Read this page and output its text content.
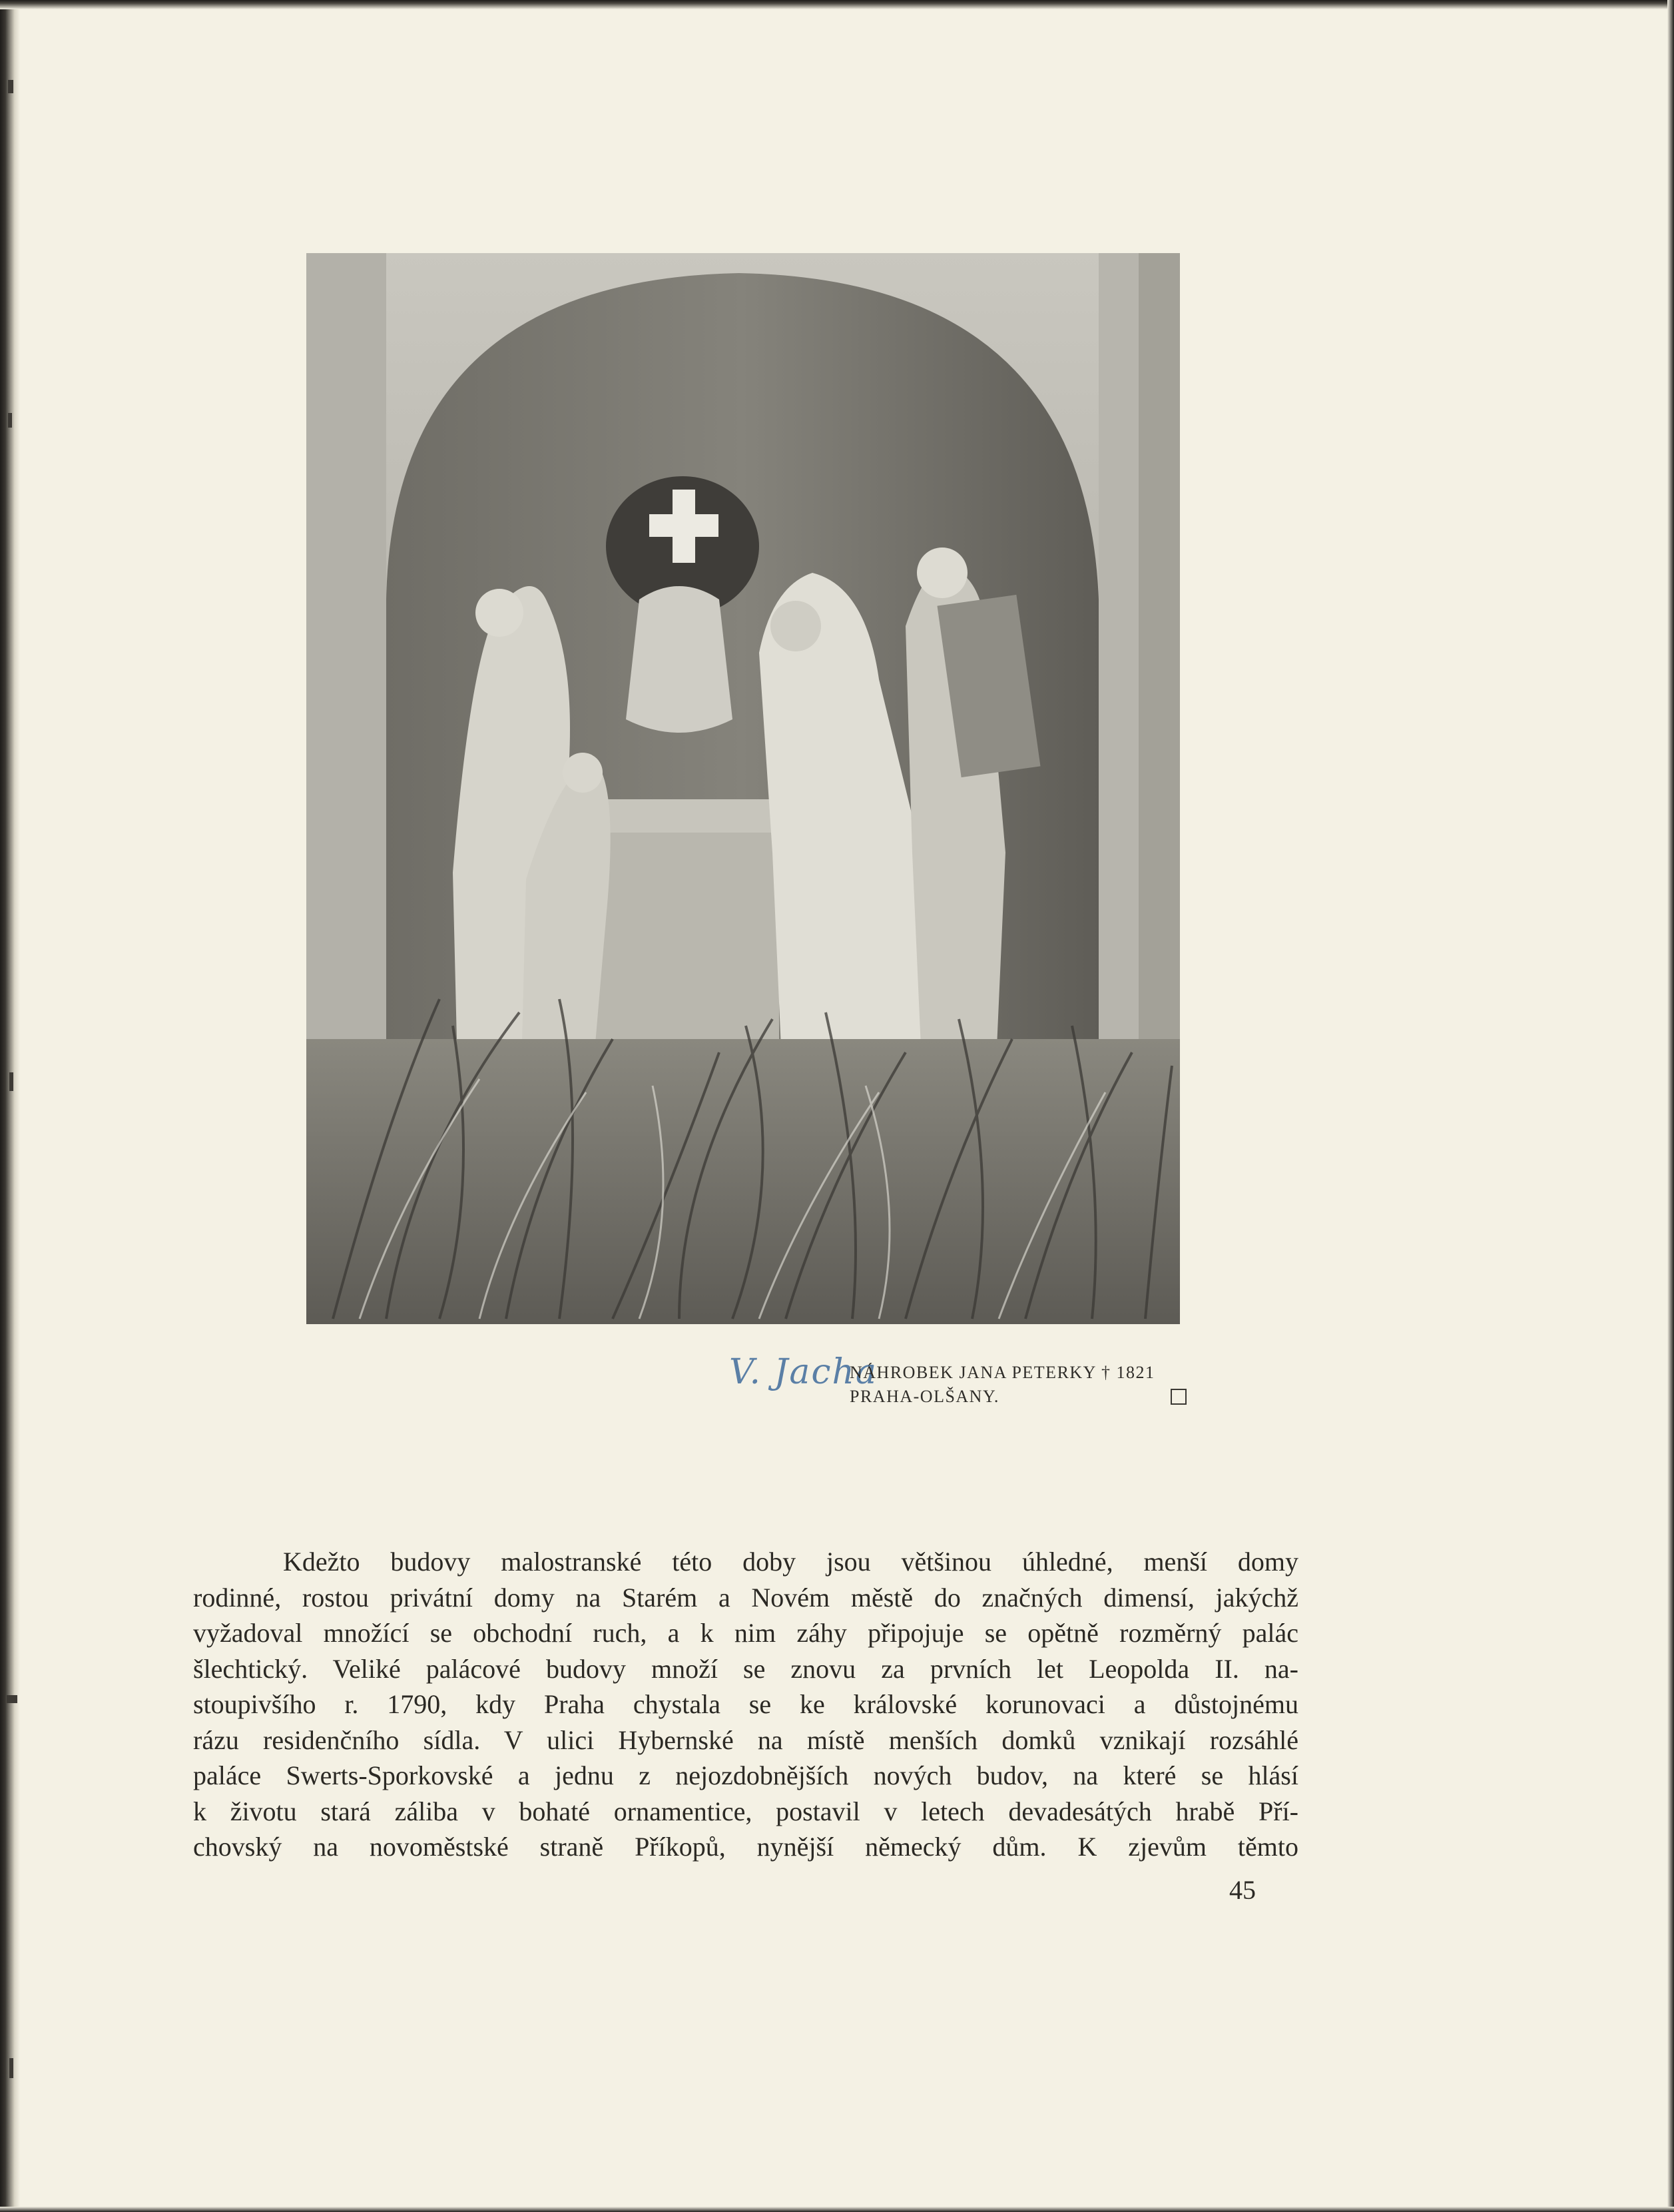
V. Jacha
NÁHROBEK JANA PETERKY † 1821
PRAHA-OLŠANY.
Kdežto budovy malostranské této doby jsou většinou úhledné, menší domy
rodinné, rostou privátní domy na Starém a Novém městě do značných dimensí, jakýchž
vyžadoval množící se obchodní ruch, a k nim záhy připojuje se opětně rozměrný palác
šlechtický. Veliké palácové budovy množí se znovu za prvních let Leopolda II. na-
stoupivšího r. 1790, kdy Praha chystala se ke královské korunovaci a důstojnému
rázu residenčního sídla. V ulici Hybernské na místě menších domků vznikají rozsáhlé
paláce Swerts-Sporkovské a jednu z nejozdobnějších nových budov, na které se hlásí
k životu stará záliba v bohaté ornamentice, postavil v letech devadesátých hrabě Pří-
chovský na novoměstské straně Příkopů, nynější německý dům. K zjevům těmto
45
